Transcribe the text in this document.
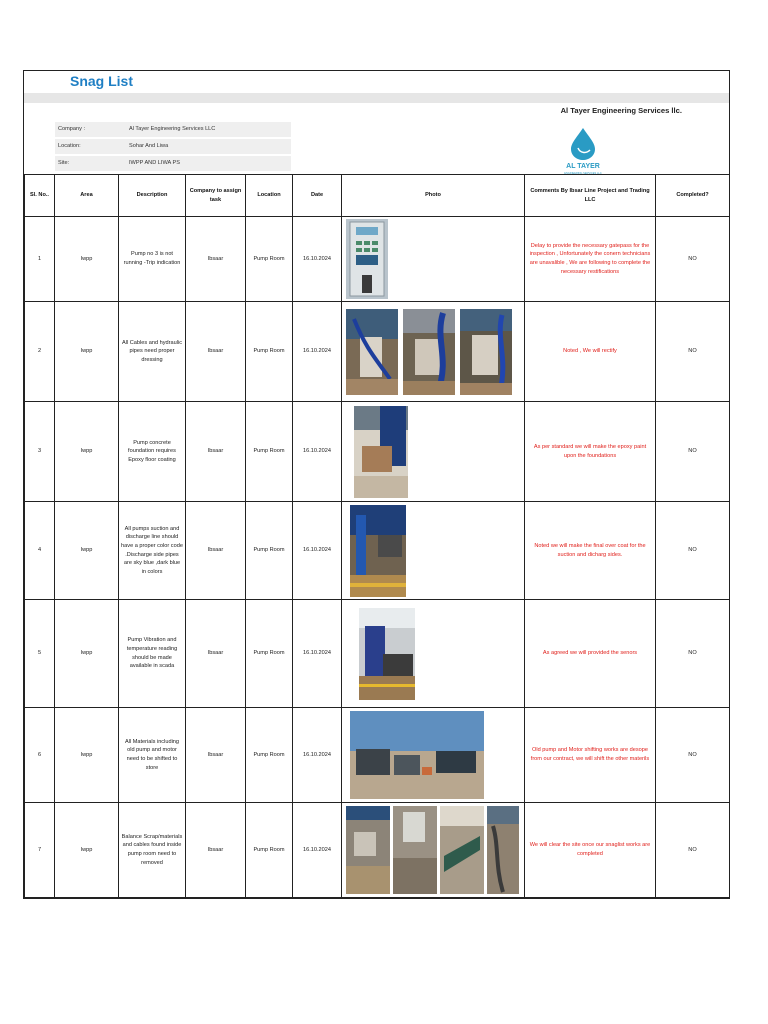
Snag List
Al Tayer Engineering Services llc.
Company :	Al Tayer Engineering Services LLC
Location:	Sohar And Liwa
Site:	IWPP AND LIWA PS	AL TAYER
ENGINEERING SERVICES LLC
Sl. No..	Area	Description	Company to assign task	Location	Date	Photo	Comments By Ibsar Line Project and Trading LLC	Completed?
1	Iwpp	Pump no 3 is not running -Trip indication	Ibsaar	Pump Room	16.10.2024		Delay to provide the necessary gatepass for the inspection , Unfortunately the conern technicians are unavalible , We are following to complete the necessary restifications	NO
2	Iwpp	All Cables and hydraulic pipes need proper dressing	Ibsaar	Pump Room	16.10.2024		Noted , We will rectify	NO
3	Iwpp	Pump concrete foundation requires Epoxy floor coating	Ibsaar	Pump Room	16.10.2024		As per standard we will make the epoxy paint upon the foundations	NO
4	Iwpp	All pumps suction and discharge line should have a proper color code .Discharge side pipes are sky blue ,dark blue in colors	Ibsaar	Pump Room	16.10.2024		Noted we will make the final over coat for the suction and dicharg sides.	NO
5	Iwpp	Pump Vibration and temperature reading should be made available in scada	Ibsaar	Pump Room	16.10.2024		As agreed we will provided the senors	NO
6	Iwpp	All Materials including old pump and motor need to be shifted to store	Ibsaar	Pump Room	16.10.2024		Old pump and Motor shifting works are desope from our contract, we will shift the other materils	NO
7	Iwpp	Balance Scrap/materials and cables found inside pump room need to removed	Ibsaar	Pump Room	16.10.2024		We will clear the site once our snaglist works are completed	NO
